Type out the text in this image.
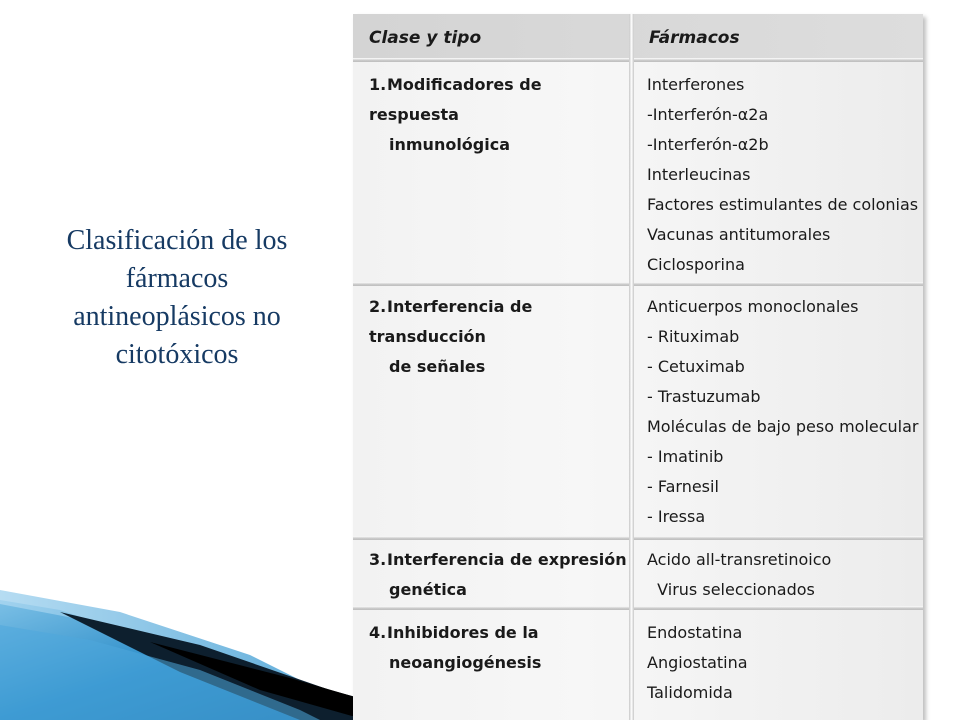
Clasificación de los
fármacos
antineoplásicos no
citotóxicos
Clase y tipo	Fármacos
1.Modificadores de respuesta
inmunológica
Interferones
-Interferón-α2a
-Interferón-α2b
Interleucinas
Factores estimulantes de colonias
Vacunas antitumorales
Ciclosporina
2.Interferencia de transducción
de señales
Anticuerpos monoclonales
- Rituximab
- Cetuximab
- Trastuzumab
Moléculas de bajo peso molecular
- Imatinib
- Farnesil
- Iressa
3.Interferencia de expresión
genética
Acido all-transretinoico
Virus seleccionados
4.Inhibidores de la
neoangiogénesis
Endostatina
Angiostatina
Talidomida
